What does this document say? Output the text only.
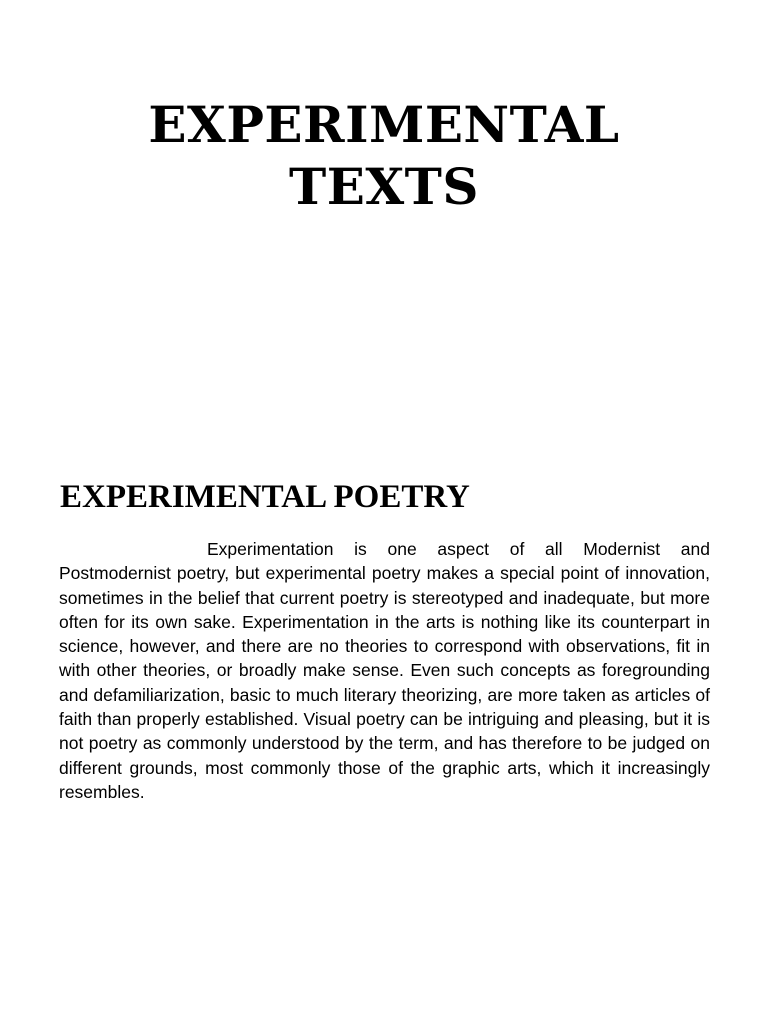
EXPERIMENTAL
TEXTS
EXPERIMENTAL POETRY

Experimentation is one aspect of all Modernist and Postmodernist poetry, but experimental poetry makes a special point of innovation, sometimes in the belief that current poetry is stereotyped and inadequate, but more often for its own sake. Experimentation in the arts is nothing like its counterpart in science, however, and there are no theories to correspond with observations, fit in with other theories, or broadly make sense. Even such concepts as foregrounding and defamiliarization, basic to much literary theorizing, are more taken as articles of faith than properly established. Visual poetry can be intriguing and pleasing, but it is not poetry as commonly understood by the term, and has therefore to be judged on different grounds, most commonly those of the graphic arts, which it increasingly resembles.
